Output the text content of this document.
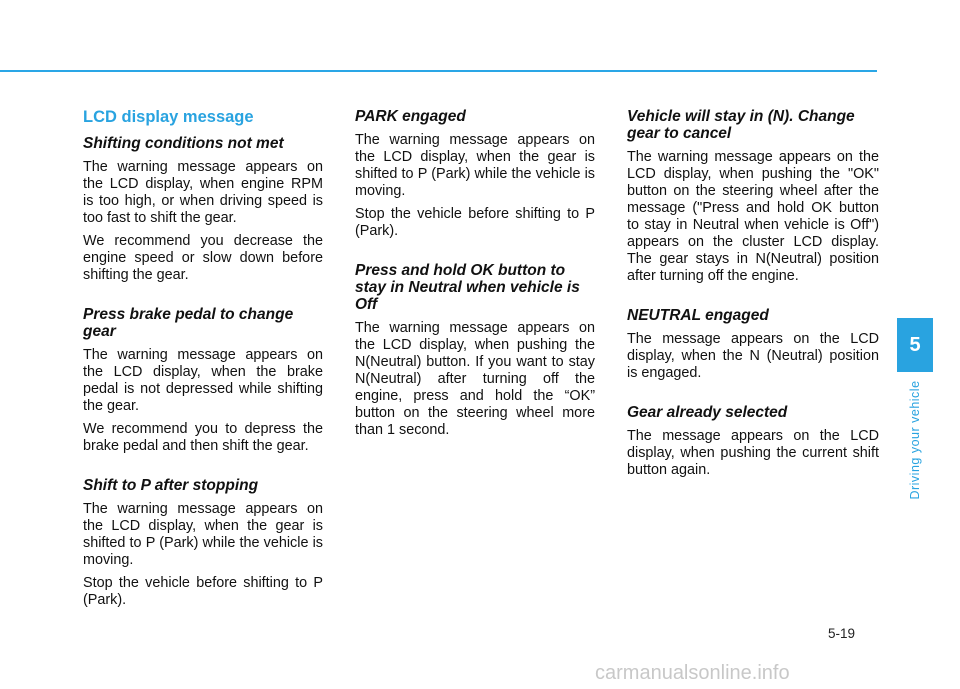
LCD display message
Shifting conditions not met

The warning message appears on the LCD display, when engine RPM is too high, or when driving speed is too fast to shift the gear.

We recommend you decrease the engine speed or slow down before shifting the gear.

Press brake pedal to change gear

The warning message appears on the LCD display, when the brake pedal is not depressed while shifting the gear.

We recommend you to depress the brake pedal and then shift the gear.

Shift to P after stopping

The warning message appears on the LCD display, when the gear is shifted to P (Park) while the vehicle is moving.

Stop the vehicle before shifting to P (Park).

PARK engaged

The warning message appears on the LCD display, when the gear is shifted to P (Park) while the vehicle is moving.

Stop the vehicle before shifting to P (Park).

Press and hold OK button to stay in Neutral when vehicle is Off

The warning message appears on the LCD display, when pushing the N(Neutral) button. If you want to stay N(Neutral) after turning off the engine, press and hold the “OK” button on the steering wheel more than 1 second.

Vehicle will stay in (N). Change gear to cancel

The warning message appears on the LCD display, when pushing the "OK" button on the steering wheel after the message ("Press and hold OK button to stay in Neutral when vehicle is Off") appears on the cluster LCD display. The gear stays in N(Neutral) position after turning off the engine.

NEUTRAL engaged

The message appears on the LCD display, when the N (Neutral) position is engaged.

Gear already selected

The message appears on the LCD display, when pushing the current shift button again.

5
Driving your vehicle
5-19
carmanualsonline.info
